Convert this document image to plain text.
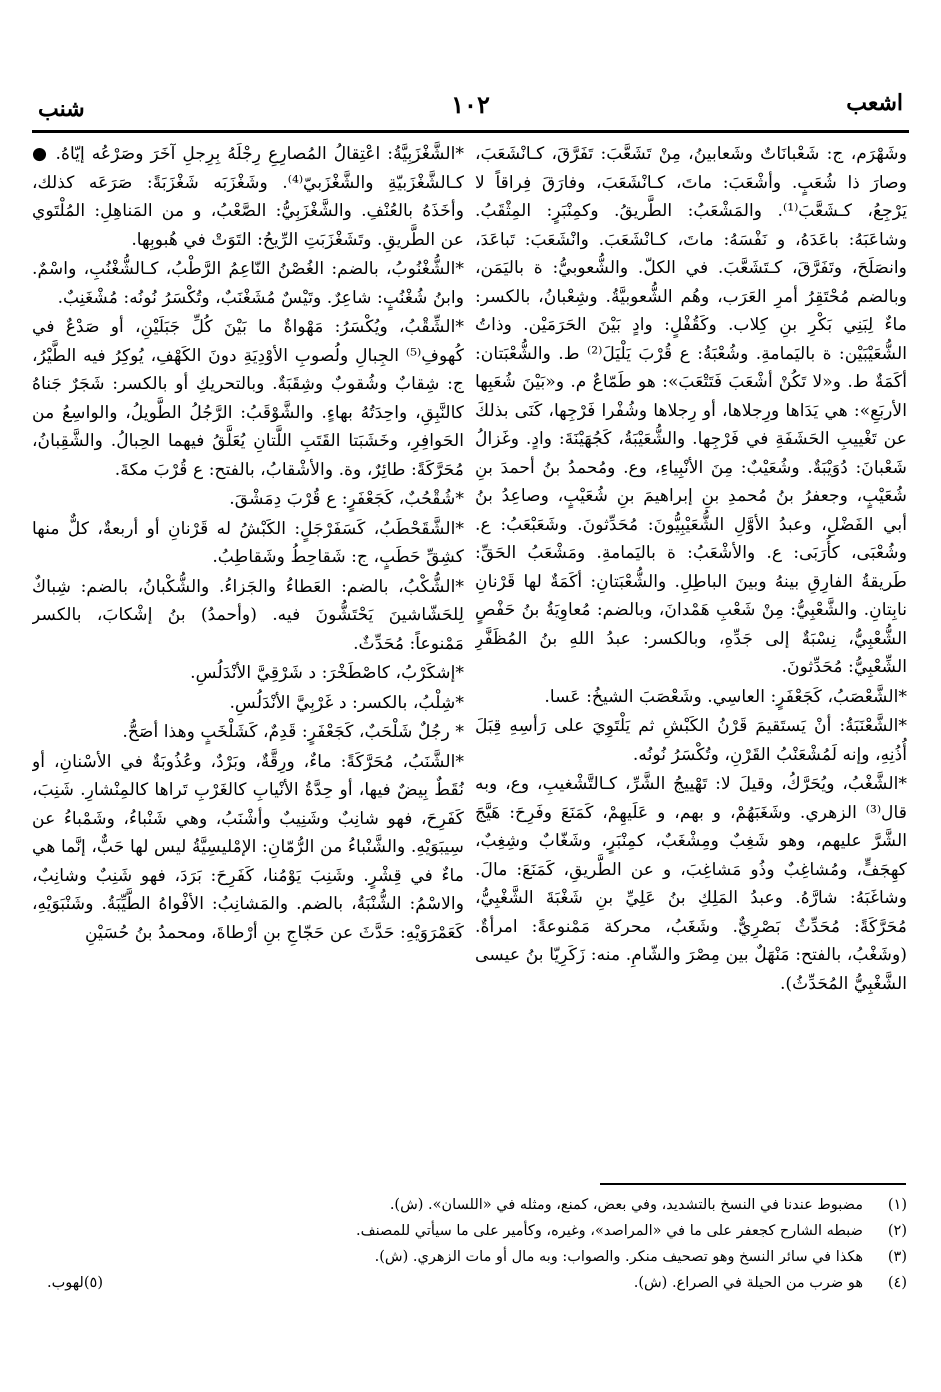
اشعب
١٠٢
شنب

وشَهْرَم، ج: شَعْبانَاتٌ وشَعابينُ، مِنْ تَشَعَّبَ: تَفَرَّقَ، كـانْشَعَبَ، وصارَ ذا شُعَبٍ. وأشْعَبَ: ماتَ، كـانْشَعَبَ، وفارَقَ فِراقاً لا يَرْجِعُ، كـشَعَّبَ⁽¹⁾. والمَشْعَبُ: الطَّريقُ. وكمِنْبَرٍ: المِثْقَبُ. وشاعَبَهُ: باعَدَهُ، و نَفْسَهُ: ماتَ، كـانْشَعَبَ. وانْشَعَبَ: تَباعَدَ، وانصَلَحَ، وتَفَرَّقَ، كـتَشَعَّبَ. في الكلّ. والشُّعوبيُّ: ة باليَمَن، وبالضم مُحْتَقِرُ أمرِ العَرَب، وهُم الشُّعوبيَّةُ. وشِعْبانُ، بالكسر: ماءٌ لِبَنِي بَكْرِ بنِ كِلاب. وكَقُفْلٍ: وادٍ بَيْنَ الحَرَمَيْن. وذاتُ الشُّعَيْبَيْن: ة باليَمامةِ. وشُعْبَةُ: ع قُرْبَ يَلْيَلَ⁽²⁾ ط. والشُّعْبَتان: أكَمَةٌ ط. و«لا تَكُنْ أشْعَبَ فَتَتْعَبَ»: هو طَمّاعٌ م. و«بَيْنَ شُعَبِها الأربَعِ»: هي يَدَاها ورِجلاها، أو رِجلاها وشُفْرا فَرْجِها، كَنَى بذلكَ عن تَغْييبِ الحَشَفَةِ في فَرْجِها. والشُّعَيْبَةُ، كَجُهَيْنَةَ: وادٍ. وغَزالُ شَعْبانَ: دُوَيْبَةٌ. وشُعَيْبٌ: مِنَ الأنْبِياءِ، وع. ومُحمدُ بنُ أحمدَ بنِ شُعَيْبٍ، وجعفرُ بنُ مُحمدِ بنِ إبراهيمَ بنِ شُعَيْبٍ، وصاعِدُ بنُ أبي الفَضْلِ، وعبدُ الأوَّلِ الشُّعَيْبِيُّونَ: مُحَدِّثونَ. وشَعَبْعَبُ: ع. وشُعْبَى، كأُرَبَى: ع. والأشْعَبُ: ة باليَمامةِ. ومَشْعَبُ الحَقِّ: طَريقةُ الفارِقِ بينهُ وبينَ الباطِلِ. والشُّعْبَتانِ: أكَمَةٌ لها قَرْنانِ نابِتانِ. والشَّعْبِيُّ: مِنْ شَعْبِ هَمْدانَ، وبالضم: مُعاوِيَةُ بنُ حَفْصٍ الشُّعْبِيُّ، نِسْبَةٌ إلى جَدِّهِ، وبالكسر: عبدُ اللهِ بنُ المُظَفَّرِ الشِّعْبِيُّ: مُحَدِّثونَ.

*الشَّعْصَبُ، كَجَعْفَرٍ: العاسِي. وشَعْصَبَ الشيخُ: عَسا.

*الشَّعْنَبَةُ: أنْ يَستَقيمَ قَرْنُ الكَبْشِ ثم يَلْتَوِيَ على رَأسِهِ قِبَلَ أُذُنِهِ، وإنه لَمُشْعَنْبُ القَرْنِ، وتُكْسَرُ نُونُه.

*الشَّغْبُ، ويُحَرَّكُ، وقيلَ لا: تَهْييجُ الشَّرِّ، كـالتَّشْغيبِ، وع، وبه قال⁽³⁾ الزهري. وشَغَبَهُمْ، و بهم، و عَلَيهِمْ، كَمَنَعَ وفَرِحَ: هَيَّجَ الشَّرَّ عليهم، وهو شَغِبٌ ومِشْغَبٌ، كمِنْبَرٍ، وشَغّابٌ وشِغِبٌ، كهِجَفٍّ، ومُشاغِبٌ وذُو مَشاغِبَ، و عن الطَّريقِ، كَمَنَعَ: مالَ. وشاغَبَهُ: شارَّهُ. وعبدُ المَلِكِ بنُ عَلِيِّ بنِ شَغْبَةَ الشَّغْبِيُّ، مُحَرَّكَةً: مُحَدِّثٌ بَصْرِيٌّ. وشَغَبُ، محركة مَمْنوعةً: امرأةٌ. (وشَغْبُ، بالفتح: مَنْهَلٌ بين مِصْرَ والشّامِ. منه: زَكَرِيّا بنُ عيسى الشَّغْبِيُّ المُحَدِّثُ).

*الشَّغْزَبِيَّةُ: اعْتِقالُ المُصارِعِ رِجْلَهُ بِرِجلِ آخَرَ وصَرْعُه إيّاهُ. ● كـالشَّغْزَبيّةِ والشَّغْزَبيّ⁽⁴⁾. وشَغْزَبَه شَغْزَبَةً: صَرَعَه كذلك، وأخَذَهُ بالعُنْفِ. والشَّغْزَبِيُّ: الصَّعْبُ، و من المَناهِلِ: المُلْتَوي عن الطَّريقِ. وتَشَغْزَبَتِ الرِّيحُ: التَوَتْ في هُبوبِها.

*الشُّغْنُوبُ، بالضم: الغُصْنُ النّاعِمُ الرَّطْبُ، كـالشُّغْنُبِ، واسْمٌ. وابنُ شُغْنُبٍ: شاعِرٌ. وتَيْسٌ مُشَغْنَبٌ، وتُكْسَرُ نُونُه: مُشْغَنِبٌ.

*الشِّقْبُ، ويُكْسَرُ: مَهْواةٌ ما بَيْنَ كُلِّ جَبَلَيْنِ، أو صَدْعٌ في كُهوفِ⁽⁵⁾ الجِبالِ ولُصوبِ الأوْدِيَةِ دونَ الكَهْفِ، يُوكِرُ فيه الطَّيْرُ، ج: شِقابٌ وشُقوبٌ وشِقَبَةٌ. وبالتحريكِ أو بالكسر: شَجَرٌ جَناهُ كالنَّبِقِ، واحِدَتُهُ بهاءٍ. والشَّوْقَبُ: الرَّجُلُ الطَّويلُ، والواسِعُ من الحَوافِرِ، وخَشَبَتا القَتَبِ اللَّتانِ يُعَلَّقُ فيهما الحِبالُ. والشَّقِبانُ، مُحَرَّكَةً: طائِرٌ، وة. والأشْقابُ، بالفتح: ع قُرْبَ مكةَ.

*شُقْحُبٌ، كَجَعْفَرٍ: ع قُرْبَ دِمَشْقَ.

*الشَّقَحْطَبُ، كَسَفَرْجَلٍ: الكَبْشُ له قَرْنانِ أو أربعةٌ، كلٌّ منها كشِقِّ حَطَبٍ، ج: شَقاحِطُ وشَقاطِبُ.

*الشُّكْبُ، بالضم: العَطاءُ والجَزاءُ. والشُّكْبانُ، بالضم: شِباكٌ لِلحَشّاشينَ يَحْتَشُّونَ فيه. (وأحمدُ) بنُ إشْكابَ، بالكسر مَمْنوعاً: مُحَدِّثٌ.

*إشكَرْبُ، كاصْطَخْرَ: د شَرْقِيَّ الأنْدَلُسِ.

*شِلْبُ، بالكسر: د غَرْبِيَّ الأنْدَلُسِ.

* رجُلٌ شَلْحَبٌ، كَجَعْفَرٍ: قَدِمٌ، كَشَلْخَبٍ وهذا أصَحُّ.

*الشَّنَبُ، مُحَرَّكَةً: ماءٌ، ورِقَّةٌ، وبَرْدٌ، وعُذُوبَةٌ في الأسْنانِ، أو نُقَطٌ بِيضٌ فيها، أو حِدَّةُ الأنْيابِ كالغَرْبِ تَراها كالمِنْشارِ. شَنِبَ، كَفَرِحَ، فهو شانِبٌ وشَنِيبٌ وأشْنَبُ، وهي شَنْباءُ، وشَمْباءُ عن سِيبَوَيْهِ. والشَّنْباءُ من الرُّمّانِ: الإمْليسِيَّةُ ليس لها حَبٌّ، إنَّما هي ماءٌ في قِشْرٍ. وشَنِبَ يَوْمُنا، كَفَرِحَ: بَرَدَ، فهو شَنِبٌ وشانِبٌ، والاسْمُ: الشُّنْبَةُ، بالضم. والمَشانِبُ: الأفْواهُ الطَّيِّبَةُ. وشَنْبَوَيْهِ، كَعَمْرَوَيْهِ: حَدَّثَ عن حَجّاجِ بنِ أرْطاةَ، ومحمدُ بنُ حُسَيْنِ

(١)
مضبوط عندنا في النسخ بالتشديد، وفي بعض، كمنع، ومثله في «اللسان». (ش).
(٢)
ضبطه الشارح كجعفر على ما في «المراصد»، وغيره، وكأمير على ما سيأتي للمصنف.
(٣)
هكذا في سائر النسخ وهو تصحيف منكر. والصواب: وبه مال أو مات الزهري. (ش).
(٤)
هو ضرب من الحيلة في الصراع. (ش).
(٥)
لهوب.
